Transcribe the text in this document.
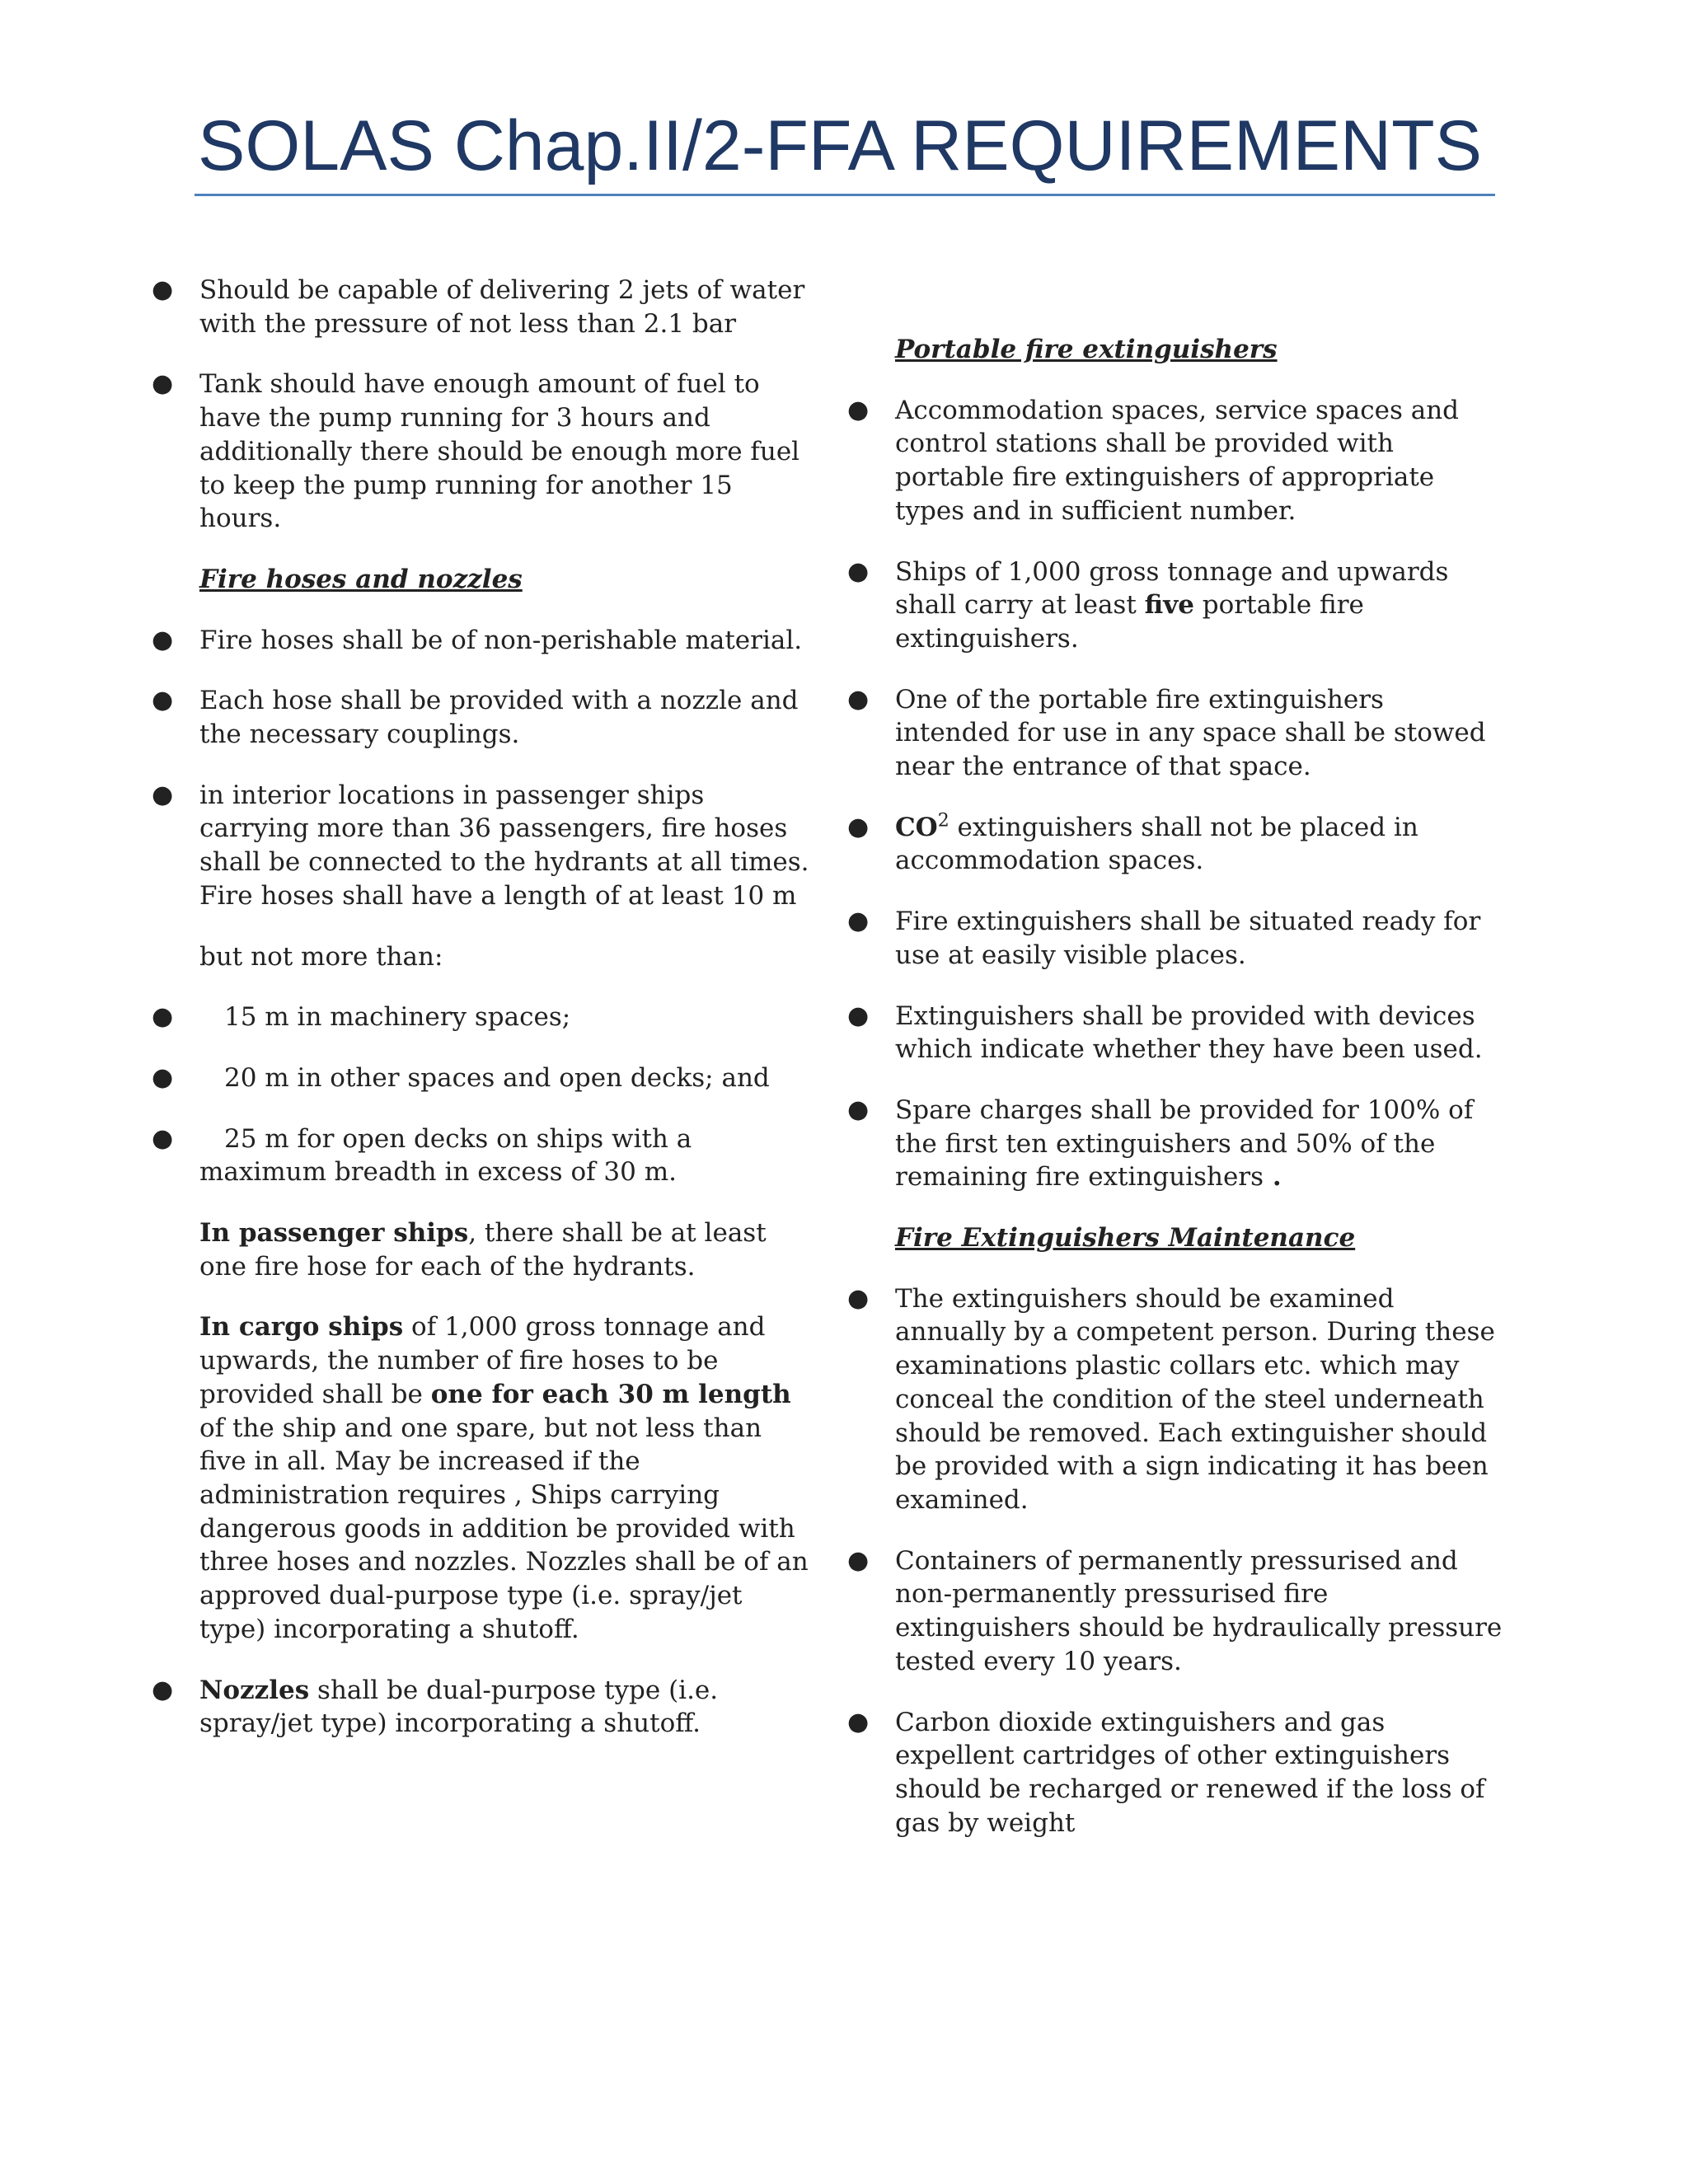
SOLAS Chap.II/2-FFA REQUIREMENTS
● Should be capable of delivering 2 jets of water with the pressure of not less than 2.1 bar
● Tank should have enough amount of fuel to have the pump running for 3 hours and additionally there should be enough more fuel to keep the pump running for another 15 hours.
Fire hoses and nozzles
● Fire hoses shall be of non-perishable material.
● Each hose shall be provided with a nozzle and the necessary couplings.
● in interior locations in passenger ships carrying more than 36 passengers, fire hoses shall be connected to the hydrants at all times. Fire hoses shall have a length of at least 10 m

but not more than:

● 15 m in machinery spaces;
● 20 m in other spaces and open decks; and
● 25 m for open decks on ships with a maximum breadth in excess of 30 m.

In passenger ships, there shall be at least one fire hose for each of the hydrants.

In cargo ships of 1,000 gross tonnage and upwards, the number of fire hoses to be provided shall be one for each 30 m length of the ship and one spare, but not less than five in all. May be increased if the administration requires , Ships carrying dangerous goods in addition be provided with three hoses and nozzles. Nozzles shall be of an approved dual-purpose type (i.e. spray/jet type) incorporating a shutoff.

● Nozzles shall be dual-purpose type (i.e. spray/jet type) incorporating a shutoff.
Portable fire extinguishers
● Accommodation spaces, service spaces and control stations shall be provided with portable fire extinguishers of appropriate types and in sufficient number.
● Ships of 1,000 gross tonnage and upwards shall carry at least five portable fire extinguishers.
● One of the portable fire extinguishers intended for use in any space shall be stowed near the entrance of that space.
● $CO^2$ extinguishers shall not be placed in accommodation spaces.
● Fire extinguishers shall be situated ready for use at easily visible places.
● Extinguishers shall be provided with devices which indicate whether they have been used.
● Spare charges shall be provided for 100% of the first ten extinguishers and 50% of the remaining fire extinguishers .
Fire Extinguishers Maintenance
● The extinguishers should be examined annually by a competent person. During these examinations plastic collars etc. which may conceal the condition of the steel underneath should be removed. Each extinguisher should be provided with a sign indicating it has been examined.
● Containers of permanently pressurised and non-permanently pressurised fire extinguishers should be hydraulically pressure tested every 10 years.
● Carbon dioxide extinguishers and gas expellent cartridges of other extinguishers should be recharged or renewed if the loss of gas by weight
